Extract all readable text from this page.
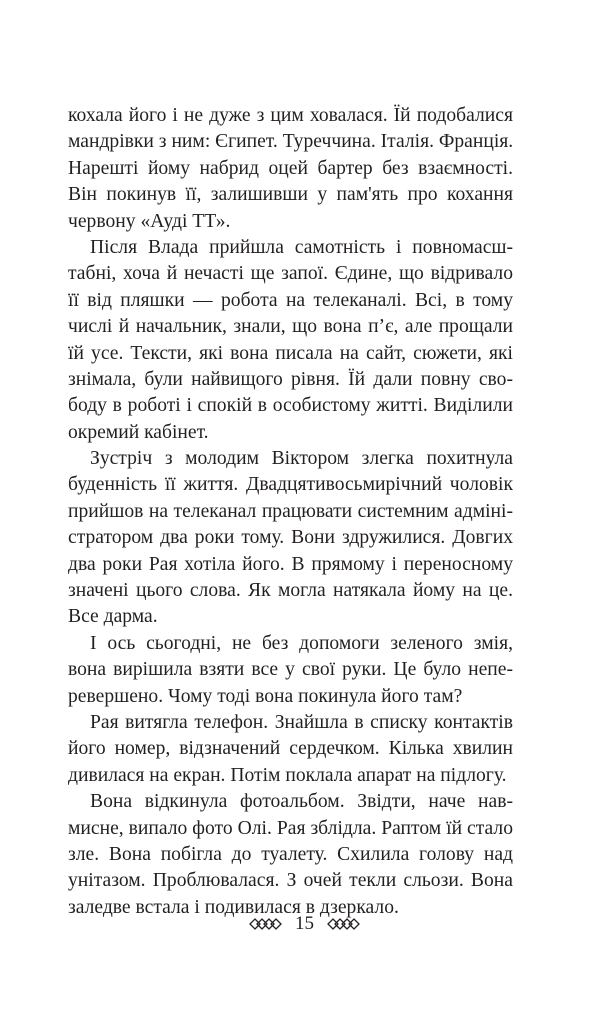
кохала його і не дуже з цим ховалася. Їй подобалися
мандрівки з ним: Єгипет. Туреччина. Італія. Франція.
Нарешті йому набрид оцей бартер без взаємності.
Він покинув її, залишивши у пам'ять про кохання
червону «Ауді ТТ».
Після Влада прийшла самотність і повномасш-
табні, хоча й нечасті ще запої. Єдине, що відривало
її від пляшки — робота на телеканалі. Всі, в тому
числі й начальник, знали, що вона п’є, але прощали
їй усе. Тексти, які вона писала на сайт, сюжети, які
знімала, були найвищого рівня. Їй дали повну сво-
боду в роботі і спокій в особистому житті. Виділили
окремий кабінет.
Зустріч з молодим Віктором злегка похитнула
буденність її життя. Двадцятивосьмирічний чоловік
прийшов на телеканал працювати системним адміні-
стратором два роки тому. Вони здружилися. Довгих
два роки Рая хотіла його. В прямому і переносному
значені цього слова. Як могла натякала йому на це.
Все дарма.
І ось сьогодні, не без допомоги зеленого змія,
вона вирішила взяти все у свої руки. Це було непе-
ревершено. Чому тоді вона покинула його там?
Рая витягла телефон. Знайшла в списку контактів
його номер, відзначений сердечком. Кілька хвилин
дивилася на екран. Потім поклала апарат на підлогу.
Вона відкинула фотоальбом. Звідти, наче нав-
мисне, випало фото Олі. Рая зблідла. Раптом їй стало
зле. Вона побігла до туалету. Схилила голову над
унітазом. Проблювалася. З очей текли сльози. Вона
заледве встала і подивилася в дзеркало.
15
